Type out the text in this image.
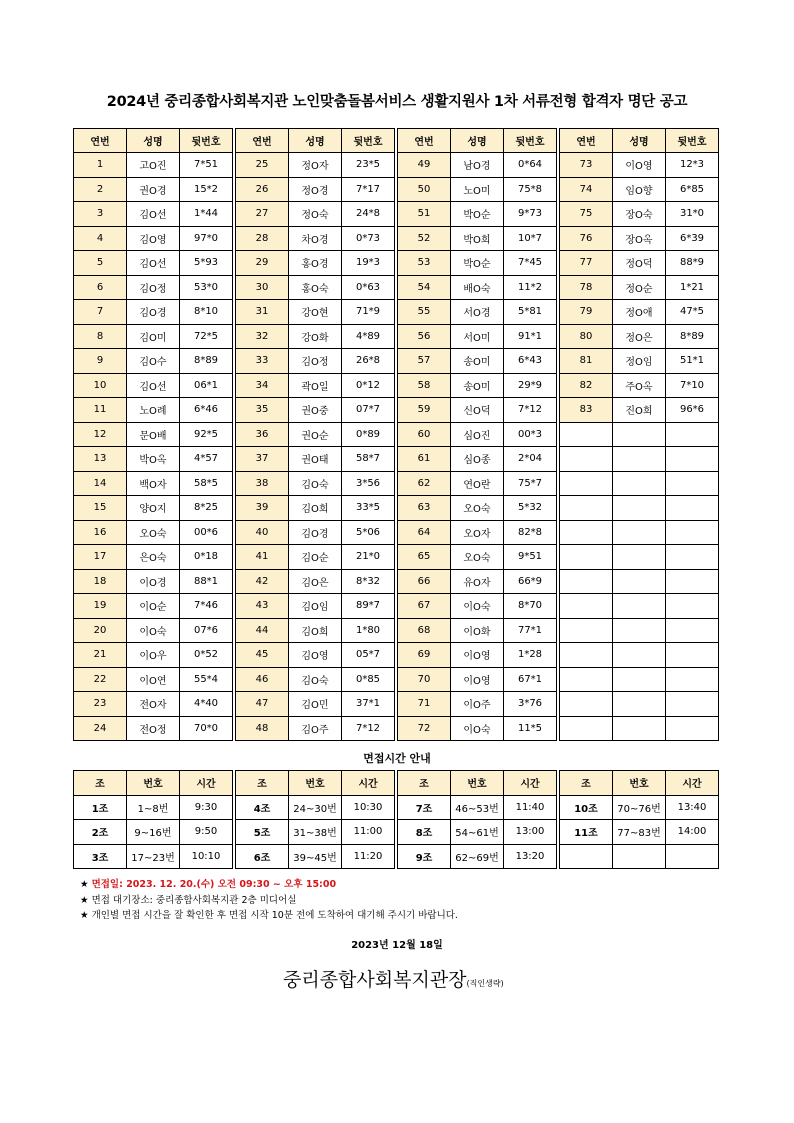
2024년 중리종합사회복지관 노인맞춤돌봄서비스 생활지원사 1차 서류전형 합격자 명단 공고
연번	성명	뒷번호
1	고O진	7*51
2	권O경	15*2
3	김O선	1*44
4	김O영	97*0
5	김O선	5*93
6	김O정	53*0
7	김O경	8*10
8	김O미	72*5
9	김O수	8*89
10	김O선	06*1
11	노O례	6*46
12	문O배	92*5
13	박O옥	4*57
14	백O자	58*5
15	양O지	8*25
16	오O숙	00*6
17	은O숙	0*18
18	이O경	88*1
19	이O순	7*46
20	이O숙	07*6
21	이O우	0*52
22	이O연	55*4
23	전O자	4*40
24	전O정	70*0
연번	성명	뒷번호
25	정O자	23*5
26	정O경	7*17
27	정O숙	24*8
28	차O경	0*73
29	홍O경	19*3
30	홍O숙	0*63
31	강O현	71*9
32	강O화	4*89
33	김O정	26*8
34	곽O일	0*12
35	권O중	07*7
36	권O순	0*89
37	권O태	58*7
38	김O숙	3*56
39	김O희	33*5
40	김O경	5*06
41	김O순	21*0
42	김O은	8*32
43	김O임	89*7
44	김O희	1*80
45	김O영	05*7
46	김O숙	0*85
47	김O민	37*1
48	김O주	7*12
연번	성명	뒷번호
49	남O경	0*64
50	노O미	75*8
51	박O순	9*73
52	박O희	10*7
53	박O순	7*45
54	배O숙	11*2
55	서O경	5*81
56	서O미	91*1
57	송O미	6*43
58	송O미	29*9
59	신O덕	7*12
60	심O진	00*3
61	심O종	2*04
62	연O란	75*7
63	오O숙	5*32
64	오O자	82*8
65	오O숙	9*51
66	유O자	66*9
67	이O숙	8*70
68	이O화	77*1
69	이O영	1*28
70	이O영	67*1
71	이O주	3*76
72	이O숙	11*5
연번	성명	뒷번호
73	이O영	12*3
74	임O향	6*85
75	장O숙	31*0
76	장O옥	6*39
77	정O덕	88*9
78	정O순	1*21
79	정O애	47*5
80	정O은	8*89
81	정O임	51*1
82	주O옥	7*10
83	진O희	96*6

면접시간 안내
조	번호	시간
1조	1~8번	9:30
2조	9~16번	9:50
3조	17~23번	10:10
조	번호	시간
4조	24~30번	10:30
5조	31~38번	11:00
6조	39~45번	11:20
조	번호	시간
7조	46~53번	11:40
8조	54~61번	13:00
9조	62~69번	13:20
조	번호	시간
10조	70~76번	13:40
11조	77~83번	14:00

★ 면접일: 2023. 12. 20.(수) 오전 09:30 ~ 오후 15:00
★ 면접 대기장소: 중리종합사회복지관 2층 미디어실
★ 개인별 면접 시간을 잘 확인한 후 면접 시작 10분 전에 도착하여 대기해 주시기 바랍니다.
2023년 12월 18일
중리종합사회복지관장(직인생략)
